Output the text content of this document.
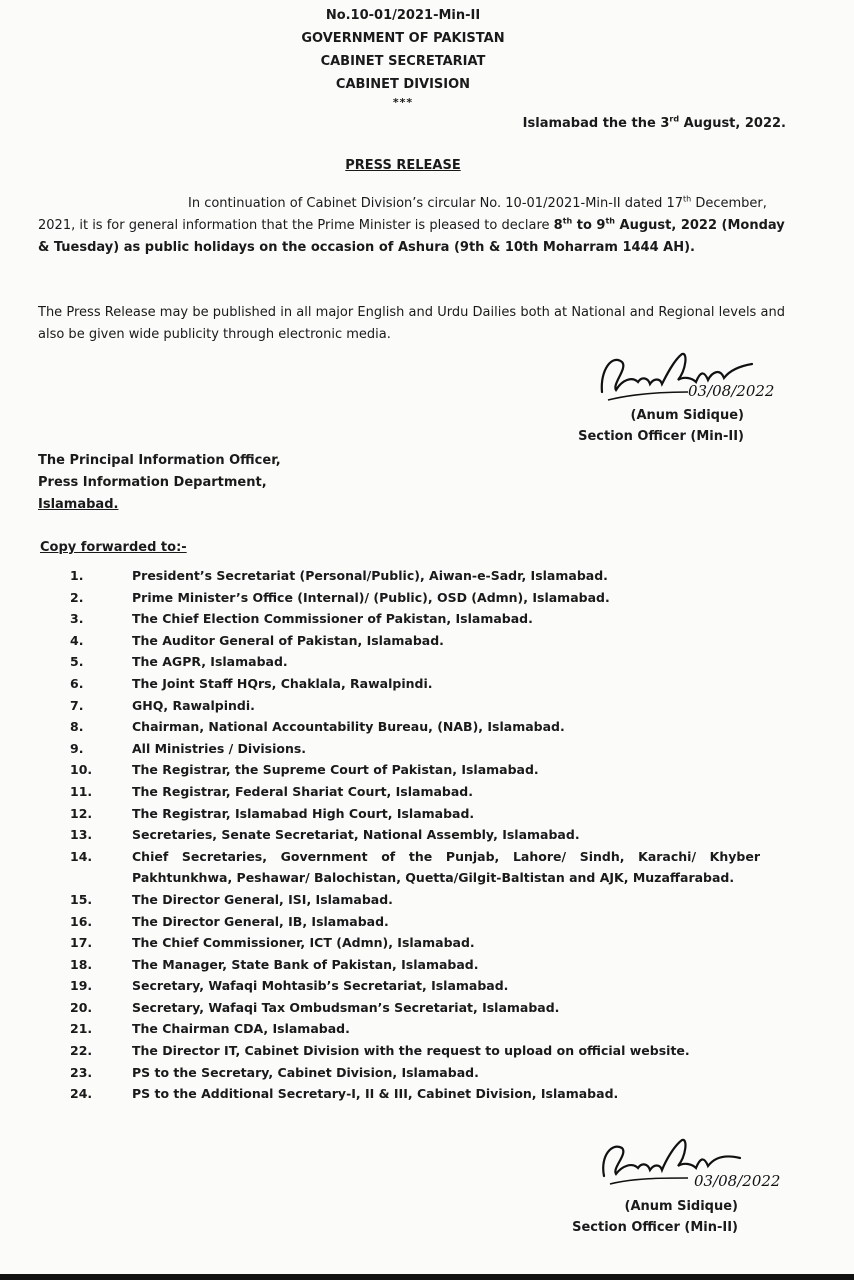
No.10-01/2021-Min-II
GOVERNMENT OF PAKISTAN
CABINET SECRETARIAT
CABINET DIVISION
***
Islamabad the the 3rd August, 2022.
PRESS RELEASE
In continuation of Cabinet Division’s circular No. 10-01/2021-Min-II dated 17th December, 2021, it is for general information that the Prime Minister is pleased to declare 8th to 9th August, 2022 (Monday & Tuesday) as public holidays on the occasion of Ashura (9th & 10th Moharram 1444 AH).
The Press Release may be published in all major English and Urdu Dailies both at National and Regional levels and also be given wide publicity through electronic media.
03/08/2022
(Anum Sidique)
Section Officer (Min-II)
The Principal Information Officer,
Press Information Department,
Islamabad.
Copy forwarded to:-
1.	President’s Secretariat (Personal/Public), Aiwan-e-Sadr, Islamabad.
2.	Prime Minister’s Office (Internal)/ (Public), OSD (Admn), Islamabad.
3.	The Chief Election Commissioner of Pakistan, Islamabad.
4.	The Auditor General of Pakistan, Islamabad.
5.	The AGPR, Islamabad.
6.	The Joint Staff HQrs, Chaklala, Rawalpindi.
7.	GHQ, Rawalpindi.
8.	Chairman, National Accountability Bureau, (NAB), Islamabad.
9.	All Ministries / Divisions.
10.	The Registrar, the Supreme Court of Pakistan, Islamabad.
11.	The Registrar, Federal Shariat Court, Islamabad.
12.	The Registrar, Islamabad High Court, Islamabad.
13.	Secretaries, Senate Secretariat, National Assembly, Islamabad.
14.	Chief Secretaries, Government of the Punjab, Lahore/ Sindh, Karachi/ Khyber Pakhtunkhwa, Peshawar/ Balochistan, Quetta/Gilgit-Baltistan and AJK, Muzaffarabad.
15.	The Director General, ISI, Islamabad.
16.	The Director General, IB, Islamabad.
17.	The Chief Commissioner, ICT (Admn), Islamabad.
18.	The Manager, State Bank of Pakistan, Islamabad.
19.	Secretary, Wafaqi Mohtasib’s Secretariat, Islamabad.
20.	Secretary, Wafaqi Tax Ombudsman’s Secretariat, Islamabad.
21.	The Chairman CDA, Islamabad.
22.	The Director IT, Cabinet Division with the request to upload on official website.
23.	PS to the Secretary, Cabinet Division, Islamabad.
24.	PS to the Additional Secretary-I, II & III, Cabinet Division, Islamabad.
03/08/2022
(Anum Sidique)
Section Officer (Min-II)
